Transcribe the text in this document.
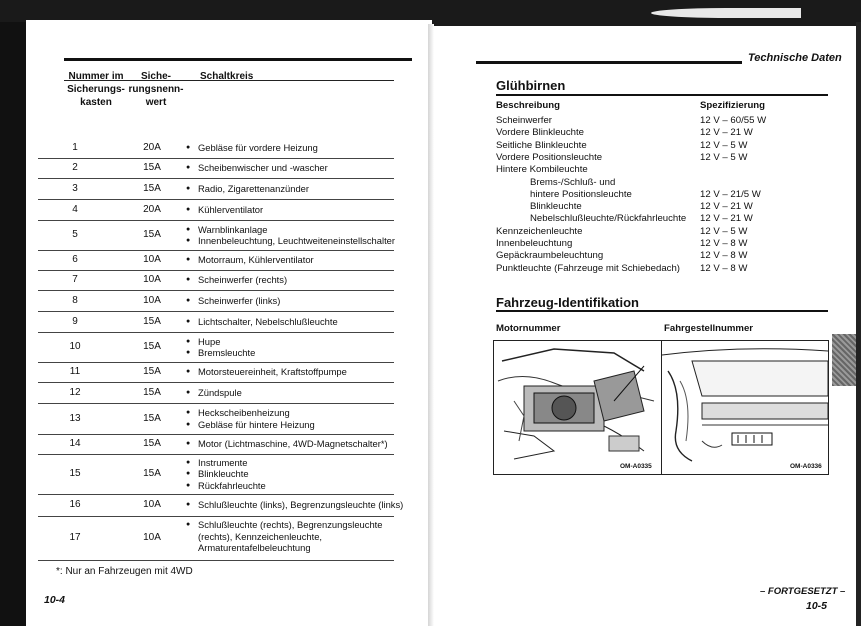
Nummer im Sicherungs-kasten
Siche-rungsnenn-wert
Schaltkreis
1	20A	● Gebläse für vordere Heizung
2	15A	● Scheibenwischer und -wascher
3	15A	● Radio, Zigarettenanzünder
4	20A	● Kühlerventilator
5	15A	● Warnblinkanlage
● Innenbeleuchtung, Leuchtweiteneinstellschalter
6	10A	● Motorraum, Kühlerventilator
7	10A	● Scheinwerfer (rechts)
8	10A	● Scheinwerfer (links)
9	15A	● Lichtschalter, Nebelschlußleuchte
10	15A	● Hupe
● Bremsleuchte
11	15A	● Motorsteuereinheit, Kraftstoffpumpe
12	15A	● Zündspule
13	15A	● Heckscheibenheizung
● Gebläse für hintere Heizung
14	15A	● Motor (Lichtmaschine, 4WD-Magnetschalter*)
15	15A
● Instrumente
● Blinkleuchte
● Rückfahrleuchte
16	10A	● Schlußleuchte (links), Begrenzungsleuchte (links)
17	10A
● Schlußleuchte (rechts), Begrenzungsleuchte
(rechts), Kennzeichenleuchte,
Armaturentafelbeleuchtung
*: Nur an Fahrzeugen mit 4WD
10-4
Technische Daten
Glühbirnen
Beschreibung	Spezifizierung
Scheinwerfer	12 V – 60/55 W
Vordere Blinkleuchte	12 V – 21 W
Seitliche Blinkleuchte	12 V – 5 W
Vordere Positionsleuchte	12 V – 5 W
Hintere Kombileuchte
Brems-/Schluß- und
hintere Positionsleuchte	12 V – 21/5 W
Blinkleuchte	12 V – 21 W
Nebelschlußleuchte/Rückfahrleuchte 12 V – 21 W
Kennzeichenleuchte	12 V – 5 W
Innenbeleuchtung	12 V – 8 W
Gepäckraumbeleuchtung	12 V – 8 W
Punktleuchte (Fahrzeuge mit Schiebedach) 12 V – 8 W
Fahrzeug-Identifikation
Motornummer	Fahrgestellnummer
OM-A0335	OM-A0336
– FORTGESETZT –
10-5
